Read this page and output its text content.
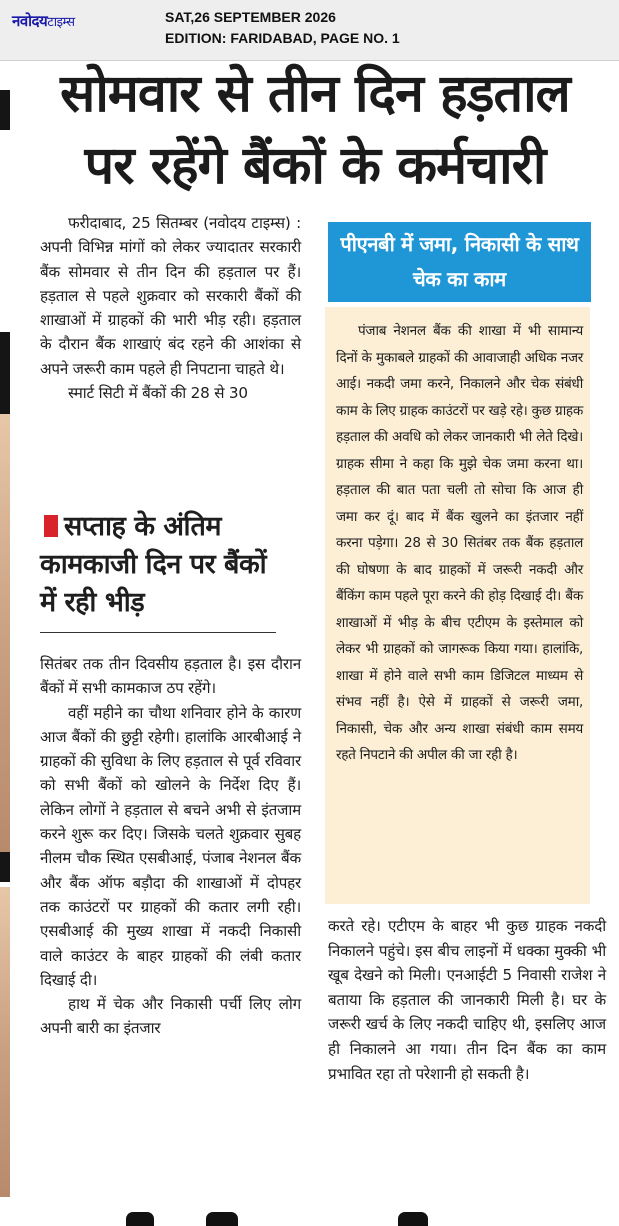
नवोदयटाइम्स	SAT,26 SEPTEMBER 2026
EDITION: FARIDABAD, PAGE NO. 1
सोमवार से तीन दिन हड़ताल
पर रहेंगे बैंकों के कर्मचारी

फरीदाबाद, 25 सितम्बर (नवोदय टाइम्स) : अपनी विभिन्न मांगों को लेकर ज्यादातर सरकारी बैंक सोमवार से तीन दिन की हड़ताल पर हैं। हड़ताल से पहले शुक्रवार को सरकारी बैंकों की शाखाओं में ग्राहकों की भारी भीड़ रही। हड़ताल के दौरान बैंक शाखाएं बंद रहने की आशंका से अपने जरूरी काम पहले ही निपटाना चाहते थे।

स्मार्ट सिटी में बैंकों की 28 से 30

सप्ताह के अंतिम कामकाजी दिन पर बैंकों में रही भीड़

सितंबर तक तीन दिवसीय हड़ताल है। इस दौरान बैंकों में सभी कामकाज ठप रहेंगे।

वहीं महीने का चौथा शनिवार होने के कारण आज बैंकों की छुट्टी रहेगी। हालांकि आरबीआई ने ग्राहकों की सुविधा के लिए हड़ताल से पूर्व रविवार को सभी बैंकों को खोलने के निर्देश दिए हैं। लेकिन लोगों ने हड़ताल से बचने अभी से इंतजाम करने शुरू कर दिए। जिसके चलते शुक्रवार सुबह नीलम चौक स्थित एसबीआई, पंजाब नेशनल बैंक और बैंक ऑफ बड़ौदा की शाखाओं में दोपहर तक काउंटरों पर ग्राहकों की कतार लगी रही। एसबीआई की मुख्य शाखा में नकदी निकासी वाले काउंटर के बाहर ग्राहकों की लंबी कतार दिखाई दी।

हाथ में चेक और निकासी पर्ची लिए लोग अपनी बारी का इंतजार

पीएनबी में जमा, निकासी के साथ चेक का काम

पंजाब नेशनल बैंक की शाखा में भी सामान्य दिनों के मुकाबले ग्राहकों की आवाजाही अधिक नजर आई। नकदी जमा करने, निकालने और चेक संबंधी काम के लिए ग्राहक काउंटरों पर खड़े रहे। कुछ ग्राहक हड़ताल की अवधि को लेकर जानकारी भी लेते दिखे। ग्राहक सीमा ने कहा कि मुझे चेक जमा करना था। हड़ताल की बात पता चली तो सोचा कि आज ही जमा कर दूं। बाद में बैंक खुलने का इंतजार नहीं करना पड़ेगा। 28 से 30 सितंबर तक बैंक हड़ताल की घोषणा के बाद ग्राहकों में जरूरी नकदी और बैंकिंग काम पहले पूरा करने की होड़ दिखाई दी। बैंक शाखाओं में भीड़ के बीच एटीएम के इस्तेमाल को लेकर भी ग्राहकों को जागरूक किया गया। हालांकि, शाखा में होने वाले सभी काम डिजिटल माध्यम से संभव नहीं है। ऐसे में ग्राहकों से जरूरी जमा, निकासी, चेक और अन्य शाखा संबंधी काम समय रहते निपटाने की अपील की जा रही है।

करते रहे। एटीएम के बाहर भी कुछ ग्राहक नकदी निकालने पहुंचे। इस बीच लाइनों में धक्का मुक्की भी खूब देखने को मिली। एनआईटी 5 निवासी राजेश ने बताया कि हड़ताल की जानकारी मिली है। घर के जरूरी खर्च के लिए नकदी चाहिए थी, इसलिए आज ही निकालने आ गया। तीन दिन बैंक का काम प्रभावित रहा तो परेशानी हो सकती है।
